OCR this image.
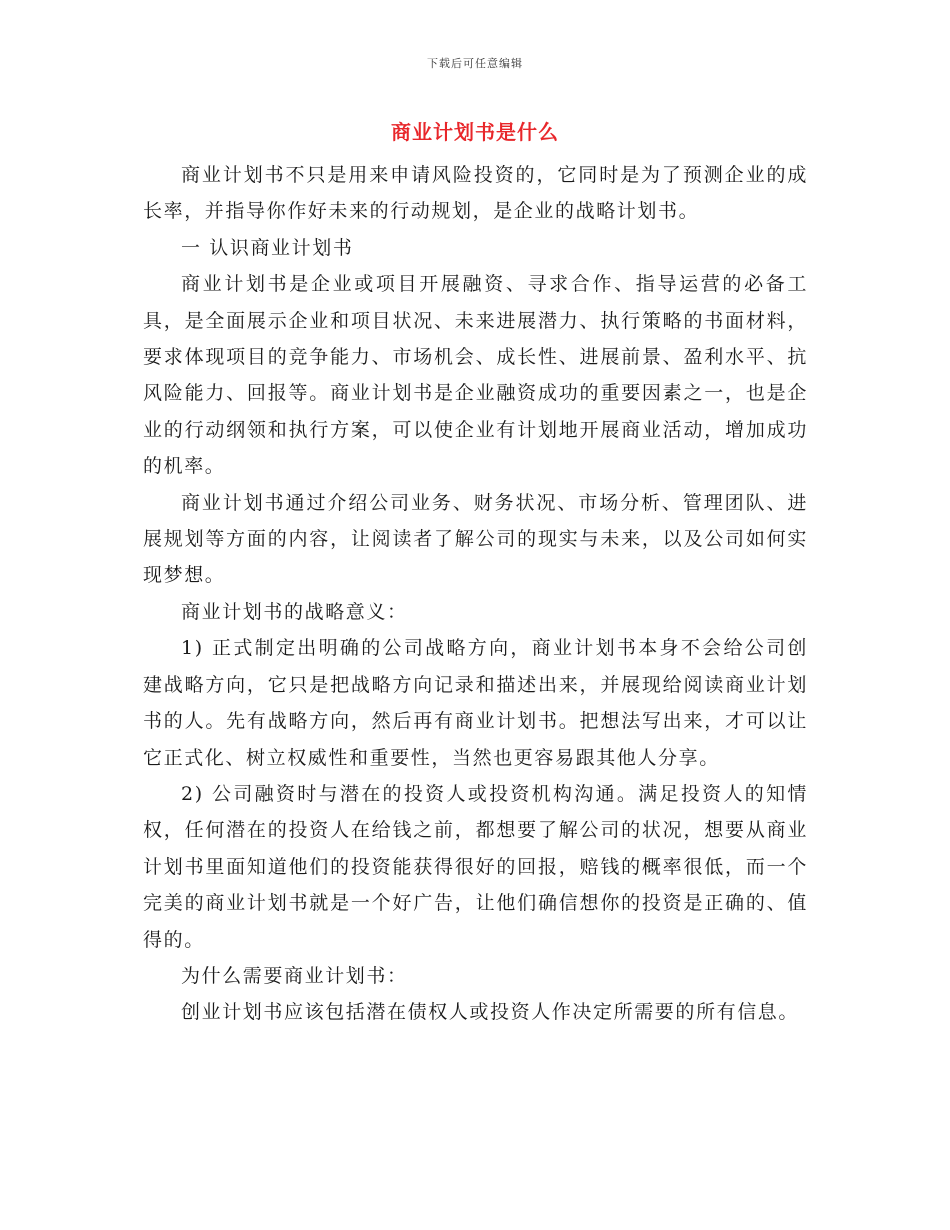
下载后可任意编辑
商业计划书是什么

商业计划书不只是用来申请风险投资的，它同时是为了预测企业的成长率，并指导你作好未来的行动规划，是企业的战略计划书。

一 认识商业计划书

商业计划书是企业或项目开展融资、寻求合作、指导运营的必备工具，是全面展示企业和项目状况、未来进展潜力、执行策略的书面材料，要求体现项目的竞争能力、市场机会、成长性、进展前景、盈利水平、抗风险能力、回报等。商业计划书是企业融资成功的重要因素之一，也是企业的行动纲领和执行方案，可以使企业有计划地开展商业活动，增加成功的机率。

商业计划书通过介绍公司业务、财务状况、市场分析、管理团队、进展规划等方面的内容，让阅读者了解公司的现实与未来，以及公司如何实现梦想。

商业计划书的战略意义：

1) 正式制定出明确的公司战略方向，商业计划书本身不会给公司创建战略方向，它只是把战略方向记录和描述出来，并展现给阅读商业计划书的人。先有战略方向，然后再有商业计划书。把想法写出来，才可以让它正式化、树立权威性和重要性，当然也更容易跟其他人分享。

2) 公司融资时与潜在的投资人或投资机构沟通。满足投资人的知情权，任何潜在的投资人在给钱之前，都想要了解公司的状况，想要从商业计划书里面知道他们的投资能获得很好的回报，赔钱的概率很低，而一个完美的商业计划书就是一个好广告，让他们确信想你的投资是正确的、值得的。

为什么需要商业计划书：

创业计划书应该包括潜在债权人或投资人作决定所需要的所有信息。
